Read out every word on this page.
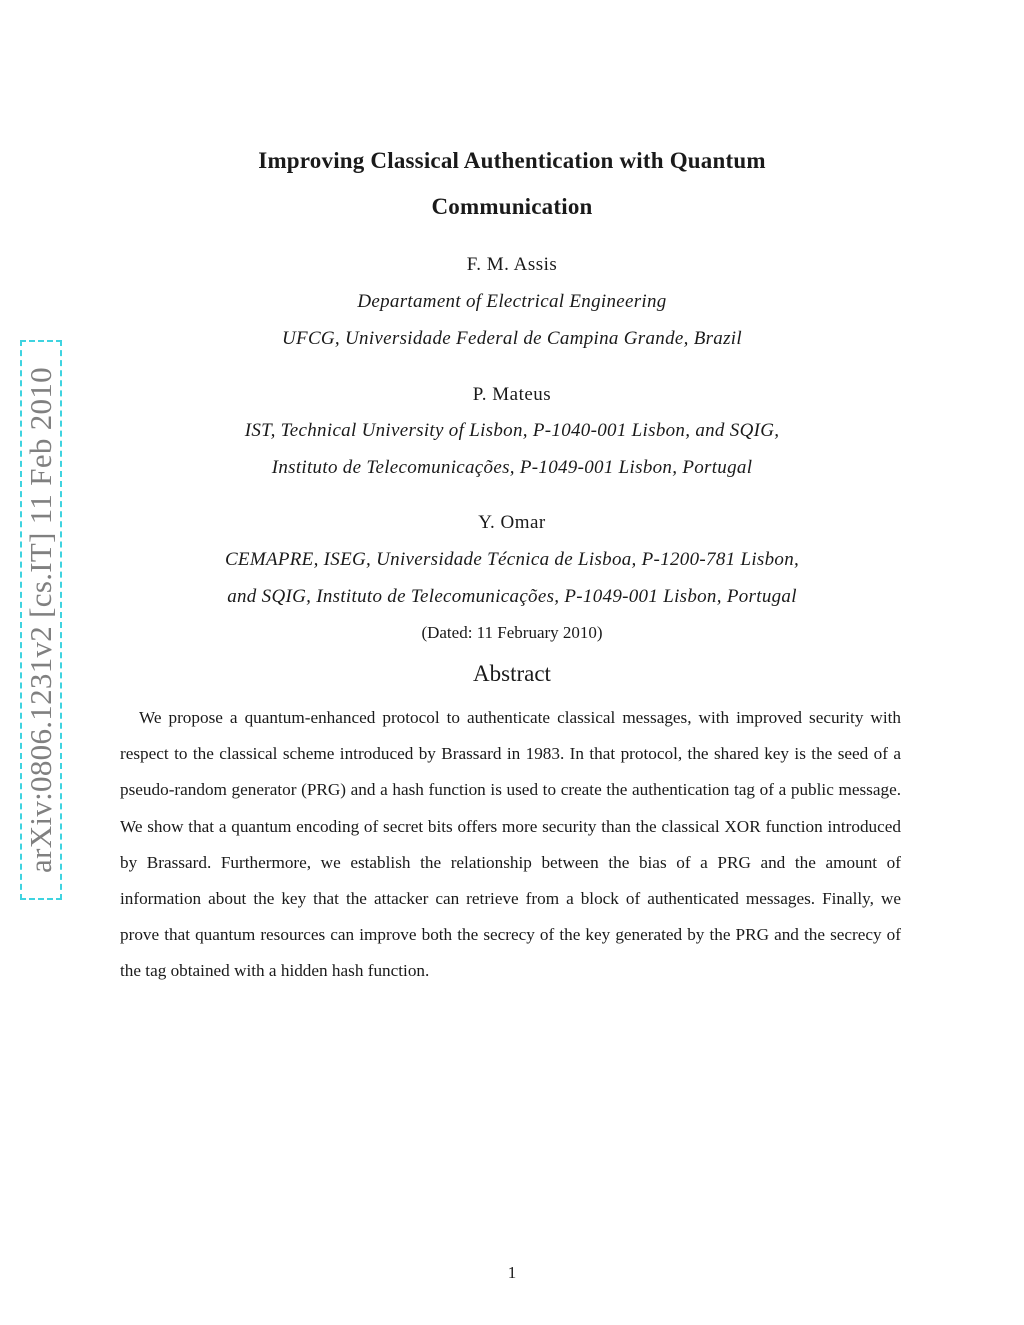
arXiv:0806.1231v2 [cs.IT] 11 Feb 2010
Improving Classical Authentication with Quantum
Communication
F. M. Assis
Departament of Electrical Engineering
UFCG, Universidade Federal de Campina Grande, Brazil
P. Mateus
IST, Technical University of Lisbon, P-1040-001 Lisbon, and SQIG,
Instituto de Telecomunicações, P-1049-001 Lisbon, Portugal
Y. Omar
CEMAPRE, ISEG, Universidade Técnica de Lisboa, P-1200-781 Lisbon,
and SQIG, Instituto de Telecomunicações, P-1049-001 Lisbon, Portugal
(Dated: 11 February 2010)
Abstract
We propose a quantum-enhanced protocol to authenticate classical messages, with improved security with respect to the classical scheme introduced by Brassard in 1983. In that protocol, the shared key is the seed of a pseudo-random generator (PRG) and a hash function is used to create the authentication tag of a public message. We show that a quantum encoding of secret bits offers more security than the classical XOR function introduced by Brassard. Furthermore, we establish the relationship between the bias of a PRG and the amount of information about the key that the attacker can retrieve from a block of authenticated messages. Finally, we prove that quantum resources can improve both the secrecy of the key generated by the PRG and the secrecy of the tag obtained with a hidden hash function.
1
